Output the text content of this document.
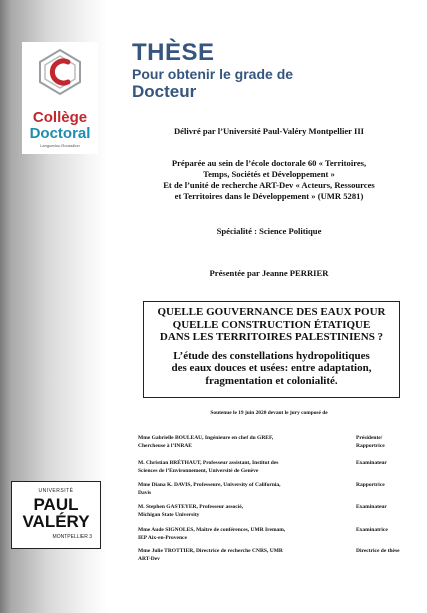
Collège
Doctoral
Languedoc-Roussillon
THÈSE
Pour obtenir le grade de
Docteur
Délivré par l’Université Paul-Valéry Montpellier III
Préparée au sein de l’école doctorale 60 « Territoires,
Temps, Sociétés et Développement »
Et de l’unité de recherche ART-Dev « Acteurs, Ressources
et Territoires dans le Développement » (UMR 5281)
Spécialité : Science Politique
Présentée par Jeanne PERRIER
QUELLE GOUVERNANCE DES EAUX POUR
QUELLE CONSTRUCTION ÉTATIQUE
DANS LES TERRITOIRES PALESTINIENS ?
L’étude des constellations hydropolitiques
des eaux douces et usées: entre adaptation,
fragmentation et colonialité.
Soutenue le 19 juin 2020 devant le jury composé de
Mme Gabrielle BOULEAU, Ingénieure en chef du GREF,
Chercheuse à l’INRAE
Présidente/
Rapportrice
M. Christian BRÉTHAUT, Professeur assistant, Institut des
Sciences de l’Environnement, Université de Genève
Examinateur
Mme Diana K. DAVIS, Professeure, University of California,
Davis
Rapportrice
M. Stephen GASTEYER, Professeur associé,
Michigan State University
Examinateur
Mme Aude SIGNOLES, Maître de conférences, UMR Iremam,
IEP Aix-en-Provence
Examinatrice
Mme Julie TROTTIER, Directrice de recherche CNRS, UMR
ART-Dev
Directrice de thèse
UNIVERSITÉ
PAUL
VALÉRY
MONTPELLIER 3
